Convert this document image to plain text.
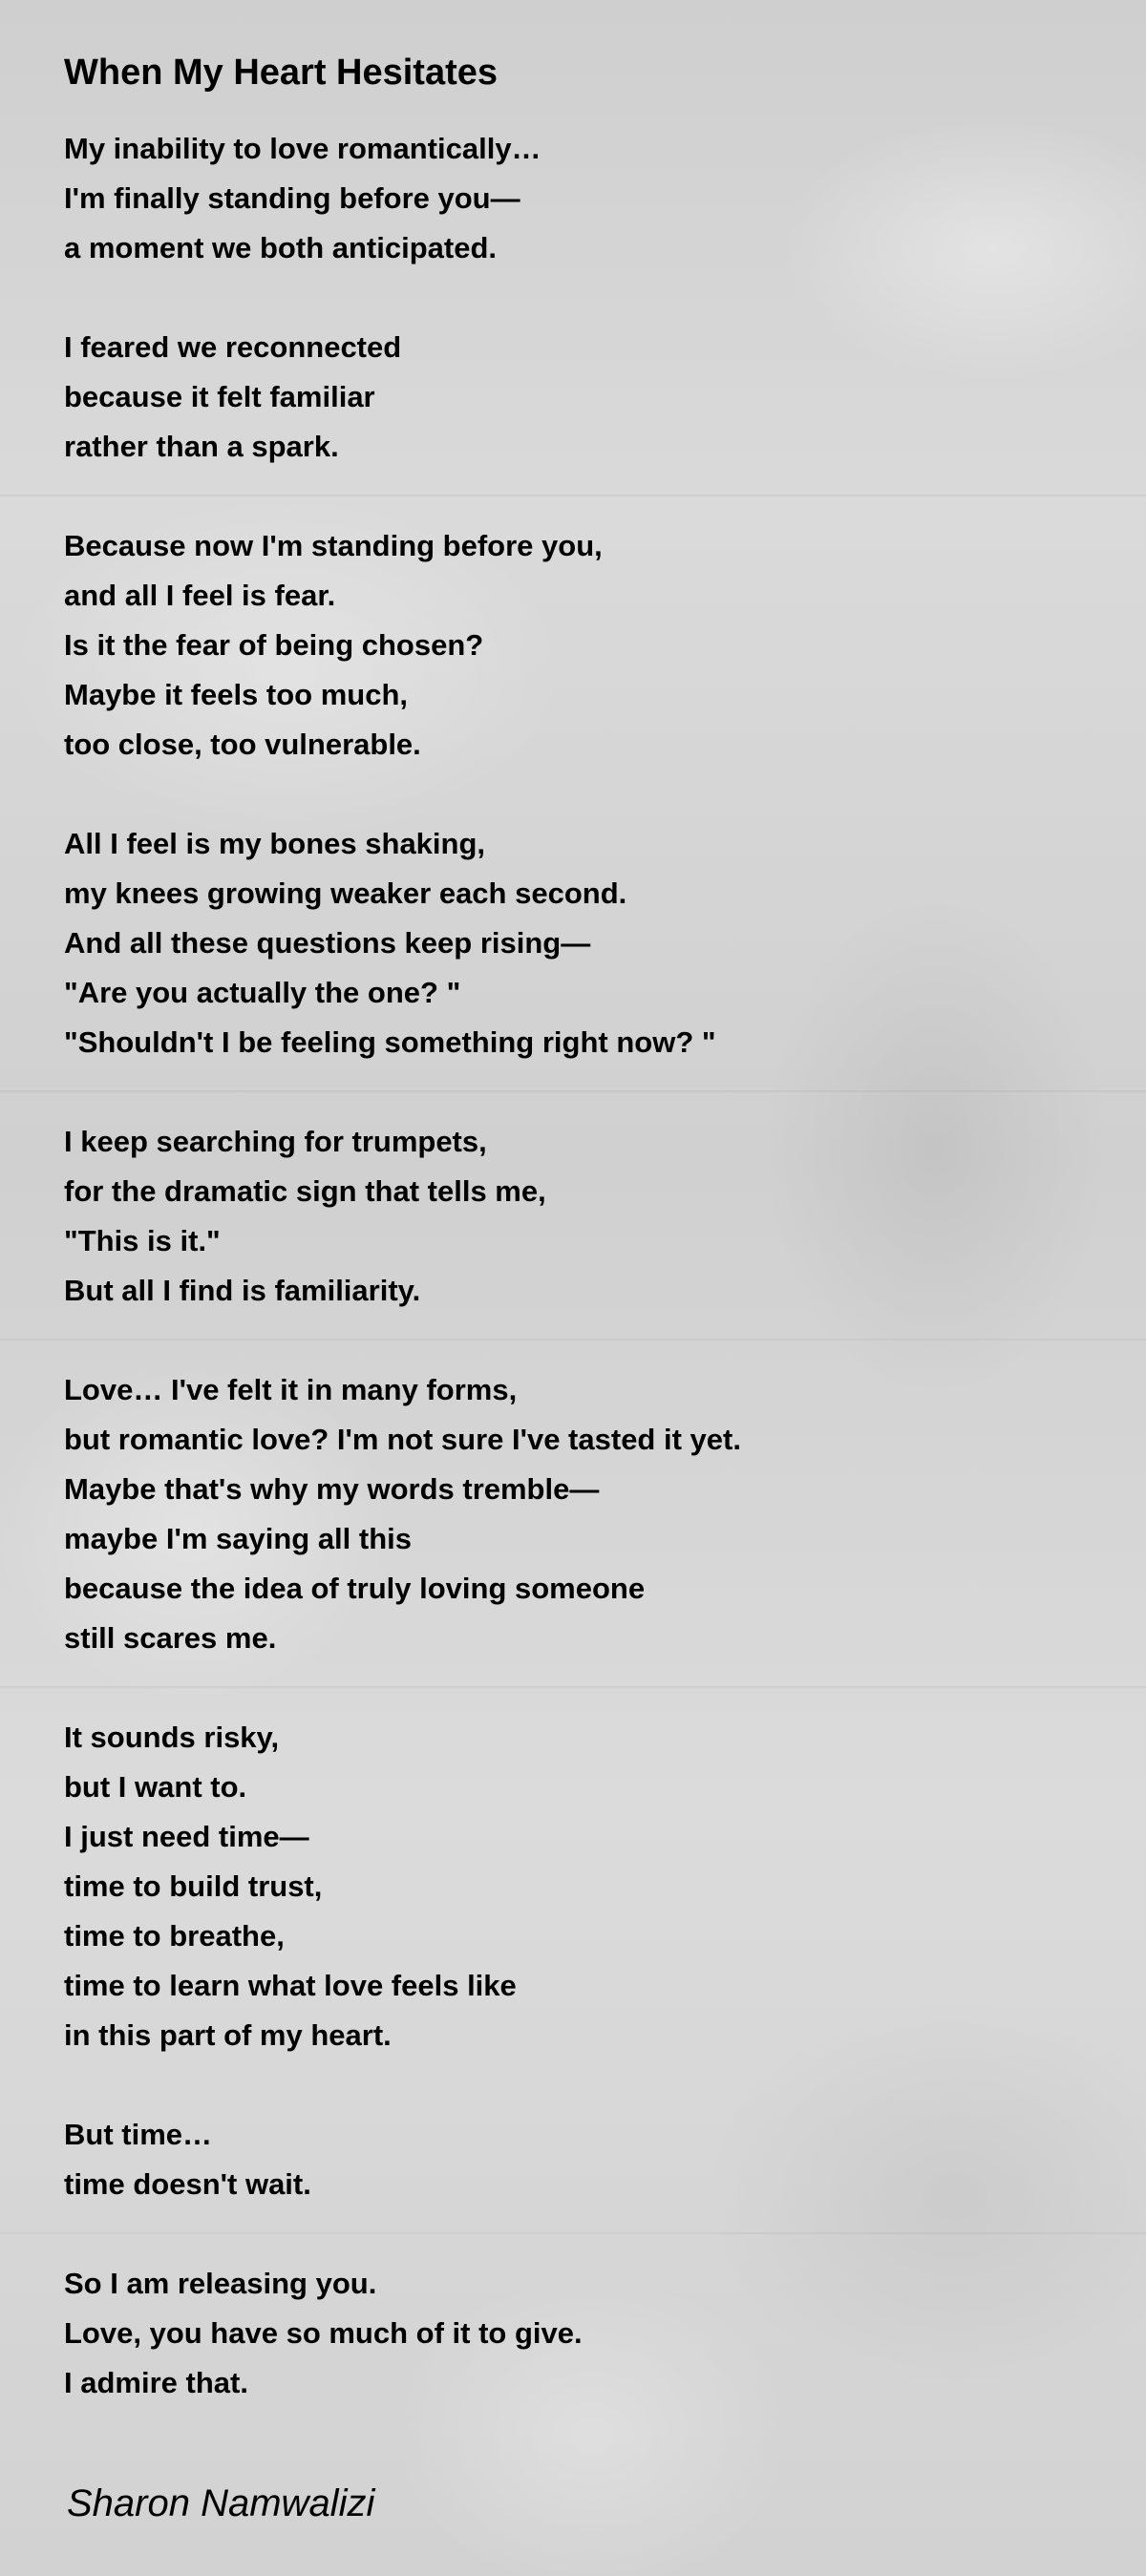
When My Heart Hesitates
My inability to love romantically…
I'm finally standing before you—
a moment we both anticipated.
I feared we reconnected
because it felt familiar
rather than a spark.
Because now I'm standing before you,
and all I feel is fear.
Is it the fear of being chosen?
Maybe it feels too much,
too close, too vulnerable.
All I feel is my bones shaking,
my knees growing weaker each second.
And all these questions keep rising—
"Are you actually the one? "
"Shouldn't I be feeling something right now? "
I keep searching for trumpets,
for the dramatic sign that tells me,
"This is it."
But all I find is familiarity.
Love… I've felt it in many forms,
but romantic love? I'm not sure I've tasted it yet.
Maybe that's why my words tremble—
maybe I'm saying all this
because the idea of truly loving someone
still scares me.
It sounds risky,
but I want to.
I just need time—
time to build trust,
time to breathe,
time to learn what love feels like
in this part of my heart.
But time…
time doesn't wait.
So I am releasing you.
Love, you have so much of it to give.
I admire that.
Sharon Namwalizi
